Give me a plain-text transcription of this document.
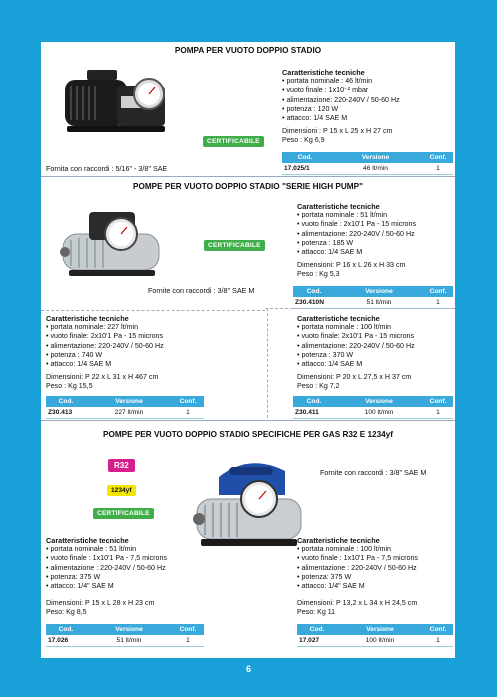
POMPA PER VUOTO DOPPIO STADIO
CERTIFICABILE
Fornita con raccordi : 5/16" - 3/8" SAE
Caratteristiche tecniche
• portata nominale : 46 lt/min
• vuoto finale : 1x10⁻² mbar
• alimentazione: 220-240V / 50-60 Hz
• potenza : 120 W
• attacco: 1/4 SAE M
Dimensioni : P 15 x L 25 x H 27 cm
Peso : Kg 6,9
Cod.	Versione	Conf.
17.025/1	46 lt/min	1
POMPE PER VUOTO DOPPIO STADIO "SERIE HIGH PUMP"
CERTIFICABILE
Fornite con raccordi : 3/8" SAE M
Caratteristiche tecniche
• portata nominale : 51 lt/min
• vuoto finale : 2x10'1 Pa - 15 microns
• alimentazione: 220-240V / 50-60 Hz
• potenza : 185 W
• attacco: 1/4 SAE M
Dimensioni: P 16 x L 26 x H 33 cm
Peso : Kg 5,3
Cod.	Versione	Conf.
Z30.410N	51 lt/min	1
Caratteristiche tecniche
• portata nominale: 227 lt/min
• vuoto finale: 2x10'1 Pa - 15 microns
• alimentazione: 220-240V / 50-60 Hz
• potenza : 740 W
• attacco: 1/4 SAE M
Dimensioni: P 22 x L 31 x H 467 cm
Peso : Kg 15,5
Cod.	Versione	Conf.
Z30.413	227 lt/min	1
Caratteristiche tecniche
• portata nominale : 100 lt/min
• vuoto finale: 2x10'1 Pa - 15 microns
• alimentazione: 220-240V / 50-60 Hz
• potenza : 370 W
• attacco: 1/4 SAE M
Dimensioni: P 20 x L 27,5 x H 37 cm
Peso : Kg 7,2
Cod.	Versione	Conf.
Z30.411	100 lt/min	1
POMPE PER VUOTO DOPPIO STADIO SPECIFICHE PER GAS R32 E 1234yf
R32
1234yf
CERTIFICABILE
Fornite con raccordi : 3/8" SAE M
Caratteristiche tecniche
• portata nominale : 51 lt/min
• vuoto finale : 1x10'1 Pa - 7,5 microns
• alimentazione : 220-240V / 50-60 Hz
• potenza: 375 W
• attacco: 1/4" SAE M
Dimensioni: P 15 x L 28 x H 23 cm
Peso: Kg 8,5
Cod.	Versione	Conf.
17.026	51 lt/min	1
Caratteristiche tecniche
• portata nominale : 100 lt/min
• vuoto finale : 1x10'1 Pa - 7,5 microns
• alimentazione : 220-240V / 50-60 Hz
• potenza: 375 W
• attacco: 1/4" SAE M
Dimensioni: P 13,2 x L 34 x H 24,5 cm
Peso: Kg 11
Cod.	Versione	Conf.
17.027	100 lt/min	1
6
